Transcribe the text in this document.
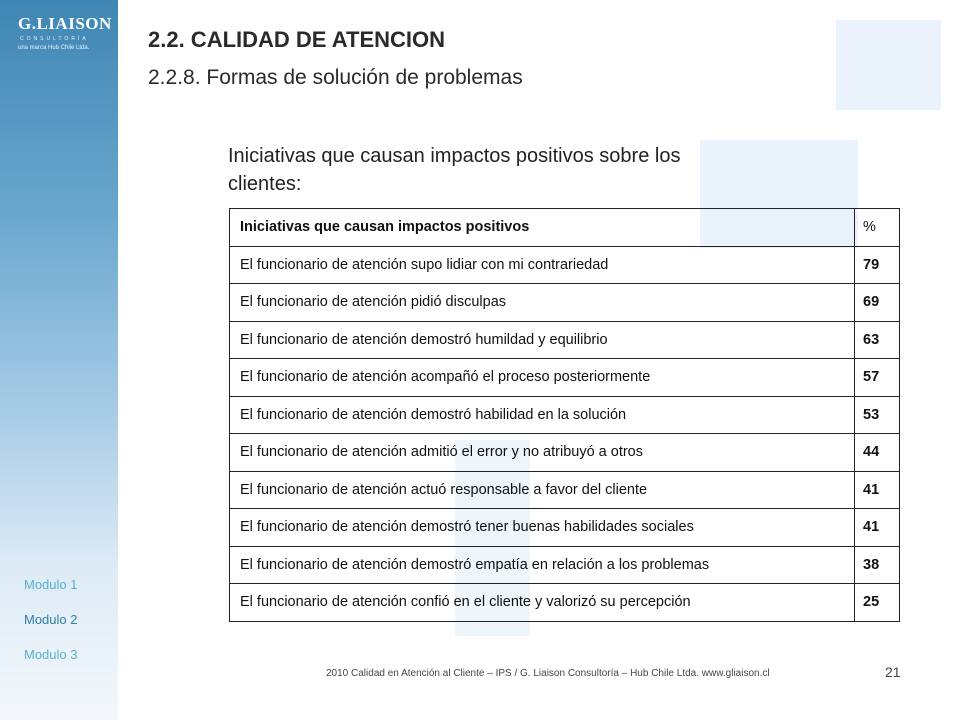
G.LIAISON
CONSULTORÍA
una marca Hub Chile Ltda.
Modulo 1
Modulo 2
Modulo 3
2.2. CALIDAD DE ATENCION
2.2.8. Formas de solución de problemas
Iniciativas que causan impactos positivos sobre los clientes:
Iniciativas que causan impactos positivos	%
El funcionario de atención supo lidiar con mi contrariedad	79
El funcionario de atención pidió disculpas	69
El funcionario de atención demostró humildad y equilibrio	63
El funcionario de atención acompañó el proceso posteriormente	57
El funcionario de atención demostró habilidad en la solución	53
El funcionario de atención admitió el error y no atribuyó a otros	44
El funcionario de atención actuó responsable a favor del cliente	41
El funcionario de atención demostró tener buenas habilidades sociales	41
El funcionario de atención demostró empatía en relación a los problemas	38
El funcionario de atención confió en el cliente y valorizó su percepción	25
2010 Calidad en Atención al Cliente – IPS / G. Liaison Consultoría – Hub Chile Ltda. www.gliaison.cl	21
